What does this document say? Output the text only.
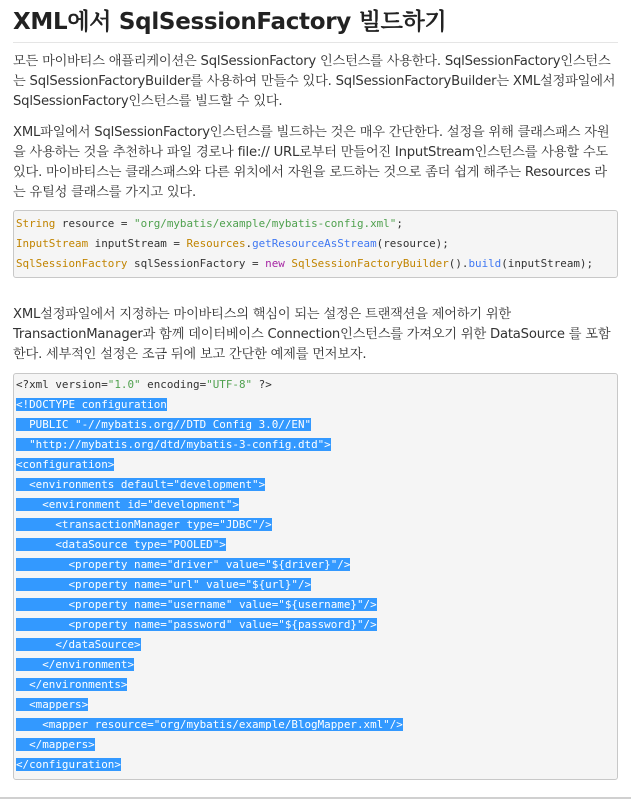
XML에서 SqlSessionFactory 빌드하기

모든 마이바티스 애플리케이션은 SqlSessionFactory 인스턴스를 사용한다. SqlSessionFactory인스턴스는 SqlSessionFactoryBuilder를 사용하여 만들수 있다. SqlSessionFactoryBuilder는 XML설정파일에서 SqlSessionFactory인스턴스를 빌드할 수 있다.

XML파일에서 SqlSessionFactory인스턴스를 빌드하는 것은 매우 간단한다. 설정을 위해 클래스패스 자원을 사용하는 것을 추천하나 파일 경로나 file:// URL로부터 만들어진 InputStream인스턴스를 사용할 수도 있다. 마이바티스는 클래스패스와 다른 위치에서 자원을 로드하는 것으로 좀더 쉽게 해주는 Resources 라는 유틸성 클래스를 가지고 있다.

String resource = "org/mybatis/example/mybatis-config.xml";
InputStream inputStream = Resources.getResourceAsStream(resource);
SqlSessionFactory sqlSessionFactory = new SqlSessionFactoryBuilder().build(inputStream);

XML설정파일에서 지정하는 마이바티스의 핵심이 되는 설정은 트랜잭션을 제어하기 위한 TransactionManager과 함께 데이터베이스 Connection인스턴스를 가져오기 위한 DataSource 를 포함한다. 세부적인 설정은 조금 뒤에 보고 간단한 예제를 먼저보자.

<?xml version="1.0" encoding="UTF-8" ?>
<!DOCTYPE configuration
PUBLIC "-//mybatis.org//DTD Config 3.0//EN"
"http://mybatis.org/dtd/mybatis-3-config.dtd">
<configuration>
<environments default="development">
<environment id="development">
<transactionManager type="JDBC"/>
<dataSource type="POOLED">
<property name="driver" value="${driver}"/>
<property name="url" value="${url}"/>
<property name="username" value="${username}"/>
<property name="password" value="${password}"/>
</dataSource>
</environment>
</environments>
<mappers>
<mapper resource="org/mybatis/example/BlogMapper.xml"/>
</mappers>
</configuration>
